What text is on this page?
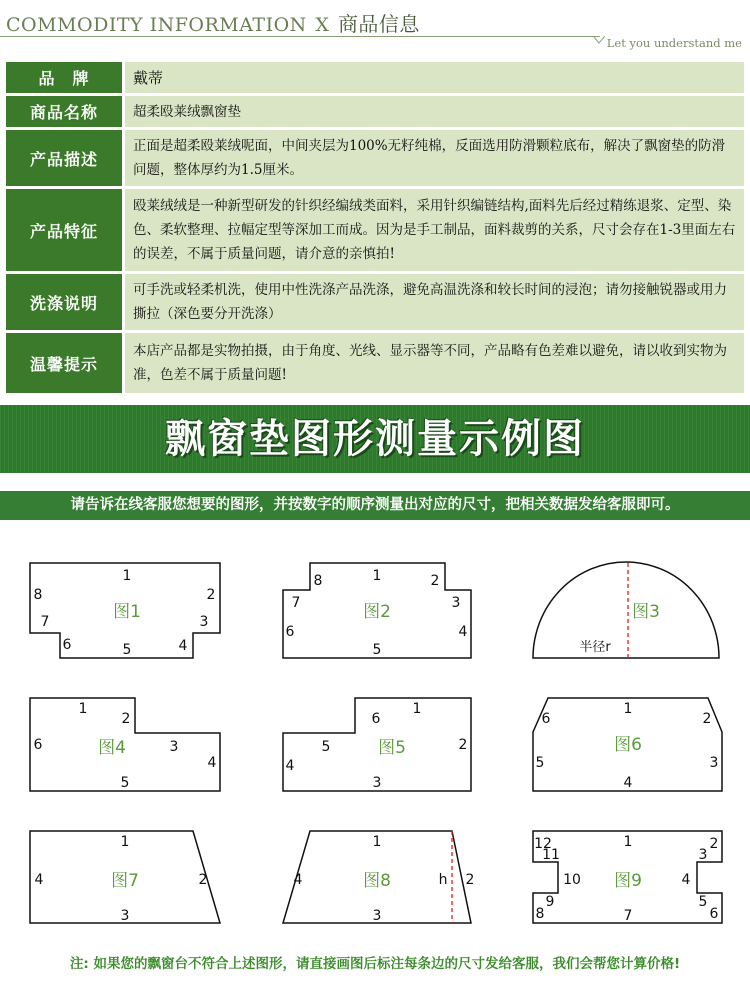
COMMODITY INFORMATION X 商品信息
Let you understand me
品　牌	戴蒂
商品名称	超柔殴莱绒飘窗垫
产品描述
正面是超柔殴莱绒呢面，中间夹层为100%无籽纯棉，反面选用防滑颗粒底布，解决了飘窗垫的防滑问题，整体厚约为1.5厘米。
产品特征
殴莱绒绒是一种新型研发的针织经编绒类面料，采用针织编链结构,面料先后经过精练退浆、定型、染色、柔软整理、拉幅定型等深加工而成。因为是手工制品，面料裁剪的关系，尺寸会存在1-3里面左右的误差，不属于质量问题，请介意的亲慎拍!
洗涤说明
可手洗或轻柔机洗，使用中性洗涤产品洗涤，避免高温洗涤和较长时间的浸泡；请勿接触锐器或用力撕拉（深色要分开洗涤）
温馨提示
本店产品都是实物拍摄，由于角度、光线、显示器等不同，产品略有色差难以避免，请以收到实物为准，色差不属于质量问题!
飘窗垫图形测量示例图
请告诉在线客服您想要的图形，并按数字的顺序测量出对应的尺寸，把相关数据发给客服即可。
图1	图2	图3
图4	图5	图6
图7	图8	图9
1
2
3
4
5
6
7
8
1	2
3
4
5
6
7
8
半径r
1
2
3
4
5
6
1
2
3
4
5
6
1
2
3
4
5
6
1
2
3
4
1
2
3
4	h
1	2
3
4
5
6
7
8
9
10
11
12
注: 如果您的飘窗台不符合上述图形，请直接画图后标注每条边的尺寸发给客服，我们会帮您计算价格!
